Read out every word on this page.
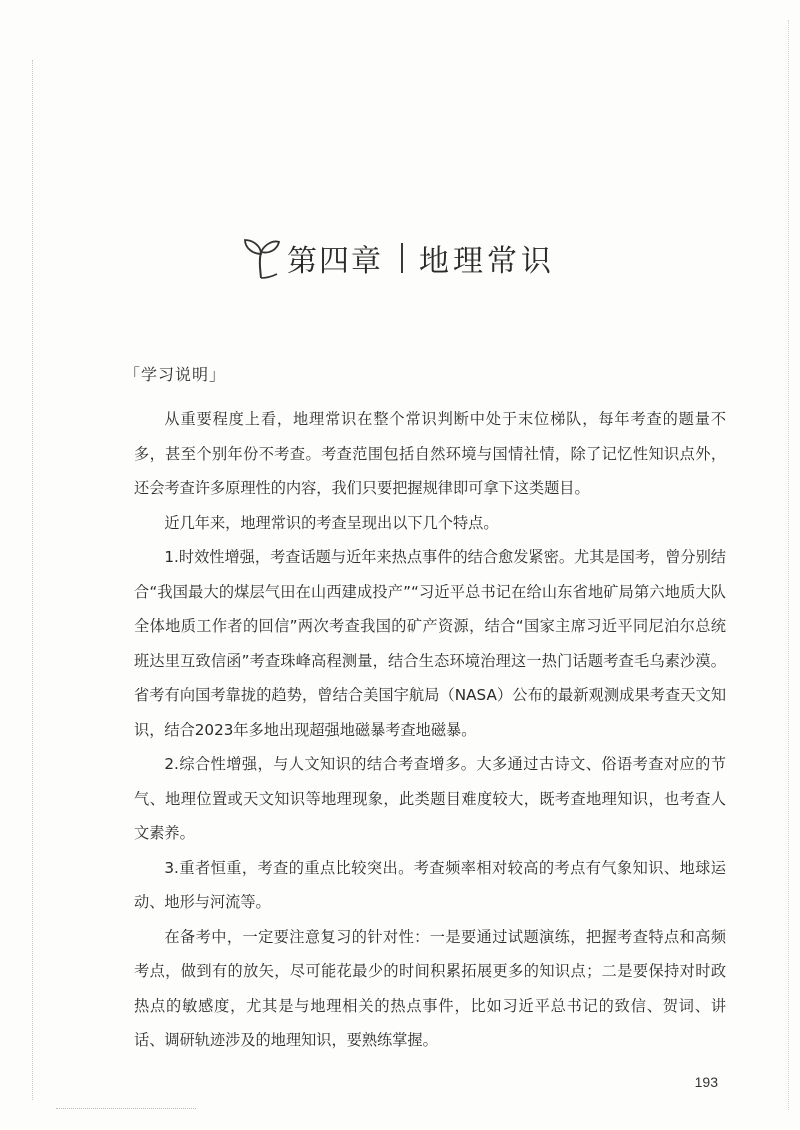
第四章 地理常识
「学习说明」

从重要程度上看，地理常识在整个常识判断中处于末位梯队，每年考查的题量不多，甚至个别年份不考查。考查范围包括自然环境与国情社情，除了记忆性知识点外，还会考查许多原理性的内容，我们只要把握规律即可拿下这类题目。

近几年来，地理常识的考查呈现出以下几个特点。

1.时效性增强，考查话题与近年来热点事件的结合愈发紧密。尤其是国考，曾分别结合“我国最大的煤层气田在山西建成投产”“习近平总书记在给山东省地矿局第六地质大队全体地质工作者的回信”两次考查我国的矿产资源，结合“国家主席习近平同尼泊尔总统班达里互致信函”考查珠峰高程测量，结合生态环境治理这一热门话题考查毛乌素沙漠。省考有向国考靠拢的趋势，曾结合美国宇航局（NASA）公布的最新观测成果考查天文知识，结合2023年多地出现超强地磁暴考查地磁暴。

2.综合性增强，与人文知识的结合考查增多。大多通过古诗文、俗语考查对应的节气、地理位置或天文知识等地理现象，此类题目难度较大，既考查地理知识，也考查人文素养。

3.重者恒重，考查的重点比较突出。考查频率相对较高的考点有气象知识、地球运动、地形与河流等。

在备考中，一定要注意复习的针对性：一是要通过试题演练，把握考查特点和高频考点，做到有的放矢，尽可能花最少的时间积累拓展更多的知识点；二是要保持对时政热点的敏感度，尤其是与地理相关的热点事件，比如习近平总书记的致信、贺词、讲话、调研轨迹涉及的地理知识，要熟练掌握。

193
